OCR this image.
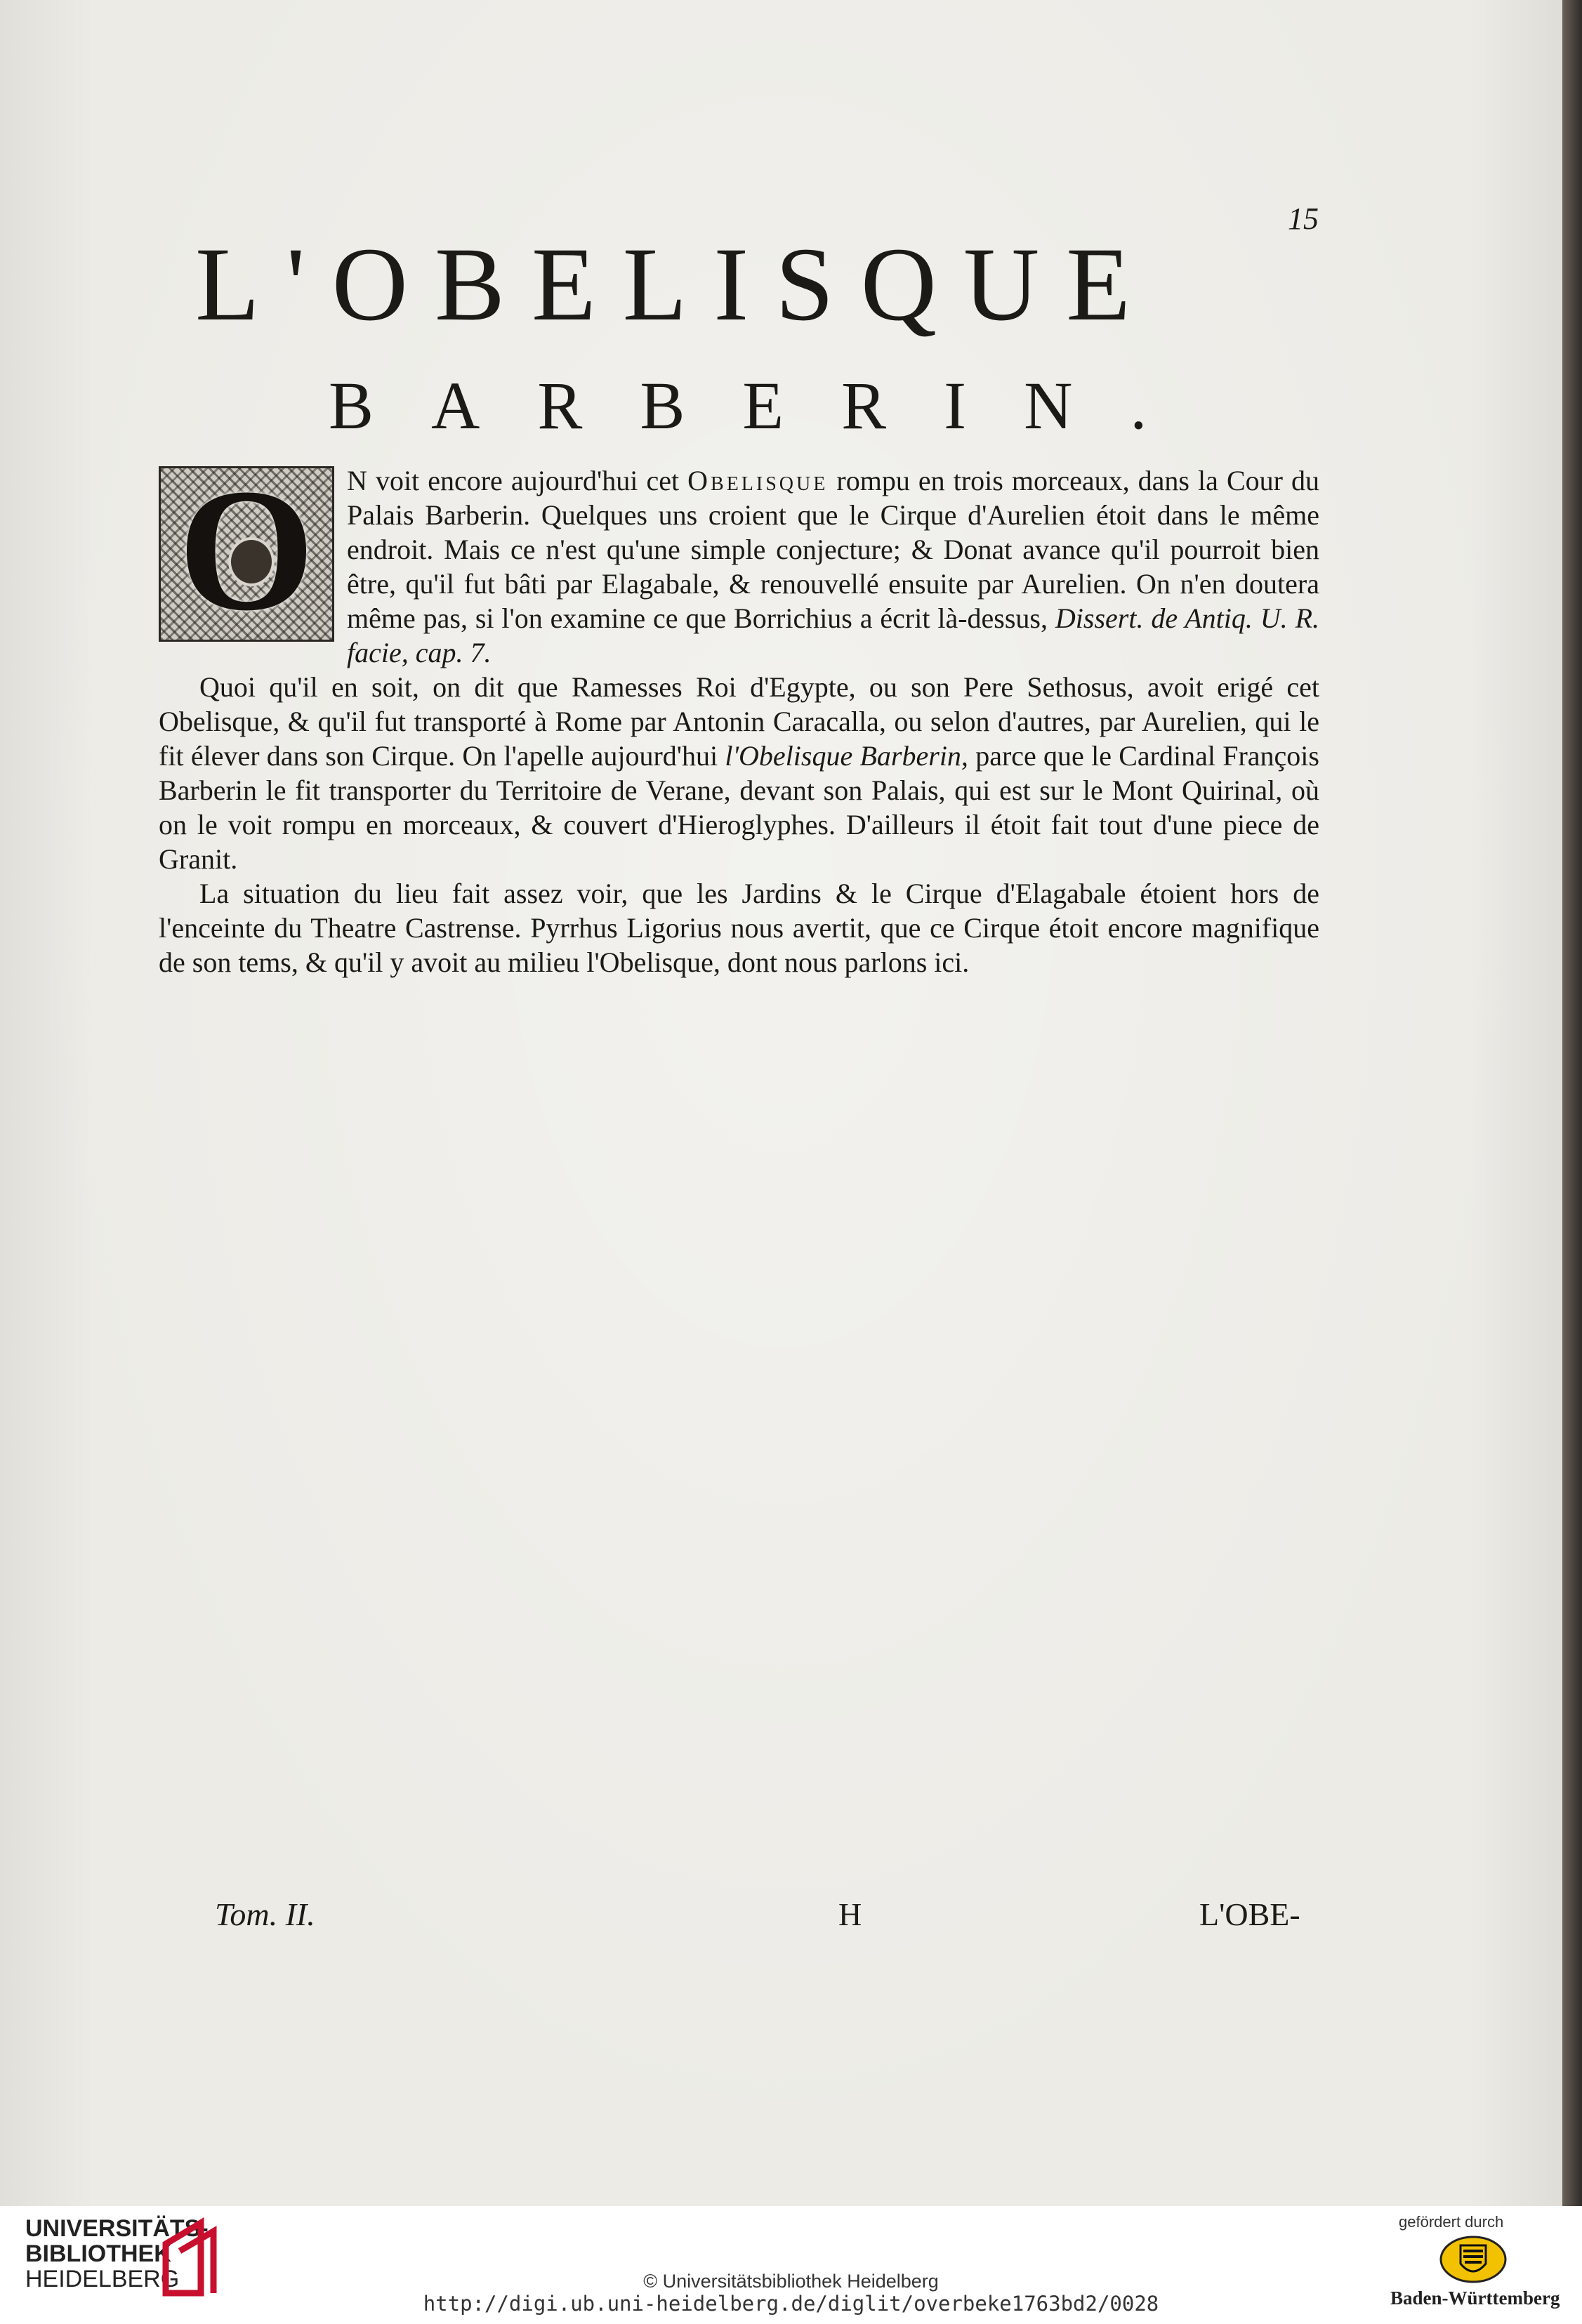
15
L'OBELISQUE
BARBERIN.

O	N voit encore aujourd'hui cet Obelisque rompu en trois morceaux, dans la Cour du Palais Barberin. Quelques uns croient que le Cirque d'Aurelien étoit dans le même endroit. Mais ce n'est qu'une simple conjecture; & Donat avance qu'il pourroit bien être, qu'il fut bâti par Elagabale, & renouvellé ensuite par Aurelien. On n'en doutera même pas, si l'on examine ce que Borrichius a écrit là-dessus, Dissert. de Antiq. U. R. facie, cap. 7.

Quoi qu'il en soit, on dit que Ramesses Roi d'Egypte, ou son Pere Sethosus, avoit erigé cet Obelisque, & qu'il fut transporté à Rome par Antonin Caracalla, ou selon d'autres, par Aurelien, qui le fit élever dans son Cirque. On l'apelle aujourd'hui l'Obelisque Barberin, parce que le Cardinal François Barberin le fit transporter du Territoire de Verane, devant son Palais, qui est sur le Mont Quirinal, où on le voit rompu en morceaux, & couvert d'Hieroglyphes. D'ailleurs il étoit fait tout d'une piece de Granit.

La situation du lieu fait assez voir, que les Jardins & le Cirque d'Elagabale étoient hors de l'enceinte du Theatre Castrense. Pyrrhus Ligorius nous avertit, que ce Cirque étoit encore magnifique de son tems, & qu'il y avoit au milieu l'Obelisque, dont nous parlons ici.

Tom. II.	H	L'OBE-
UNIVERSITÄTS-
BIBLIOTHEK
HEIDELBERG	© Universitätsbibliothek Heidelberg
http://digi.ub.uni-heidelberg.de/diglit/overbeke1763bd2/0028
gefördert durch
Baden-Württemberg
